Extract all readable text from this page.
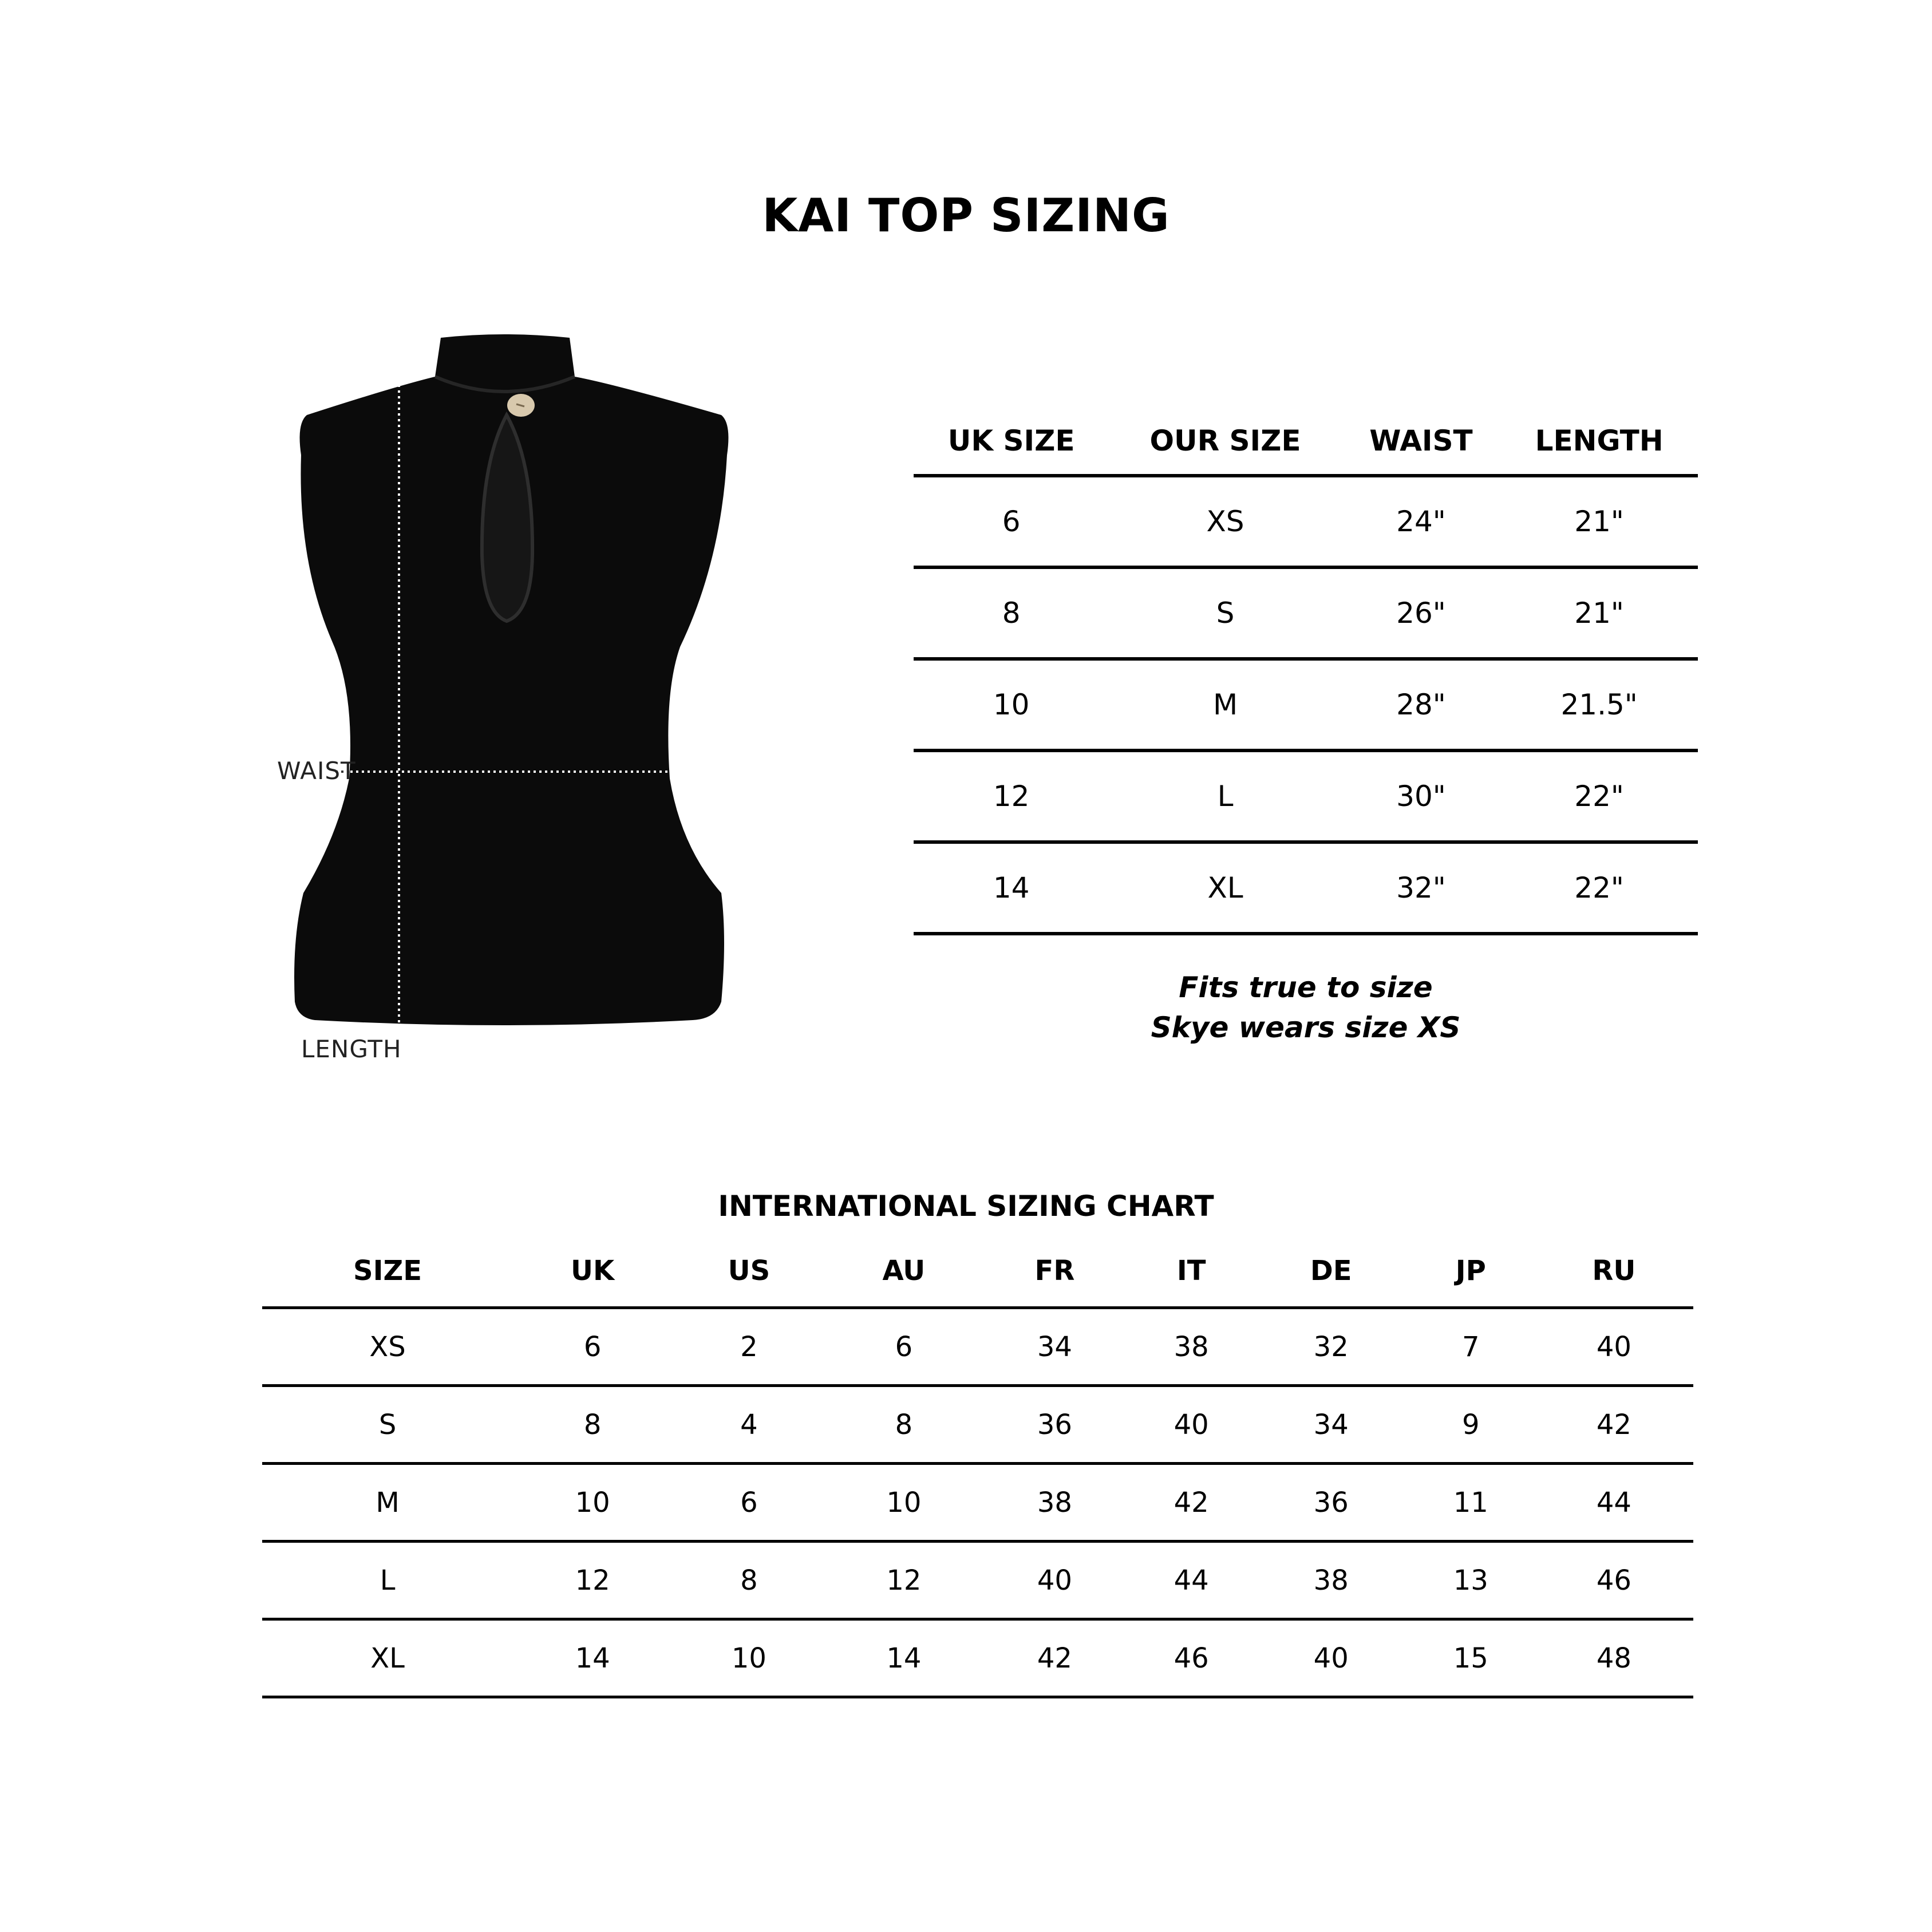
KAI TOP SIZING
WAIST
LENGTH
UK SIZE	OUR SIZE	WAIST	LENGTH
6	XS	24"	21"
8	S	26"	21"
10	M	28"	21.5"
12	L	30"	22"
14	XL	32"	22"
Fits true to size
Skye wears size XS
INTERNATIONAL SIZING CHART
SIZE	UK	US	AU	FR	IT	DE	JP	RU
XS	6	2	6	34	38	32	7	40
S	8	4	8	36	40	34	9	42
M	10	6	10	38	42	36	11	44
L	12	8	12	40	44	38	13	46
XL	14	10	14	42	46	40	15	48
